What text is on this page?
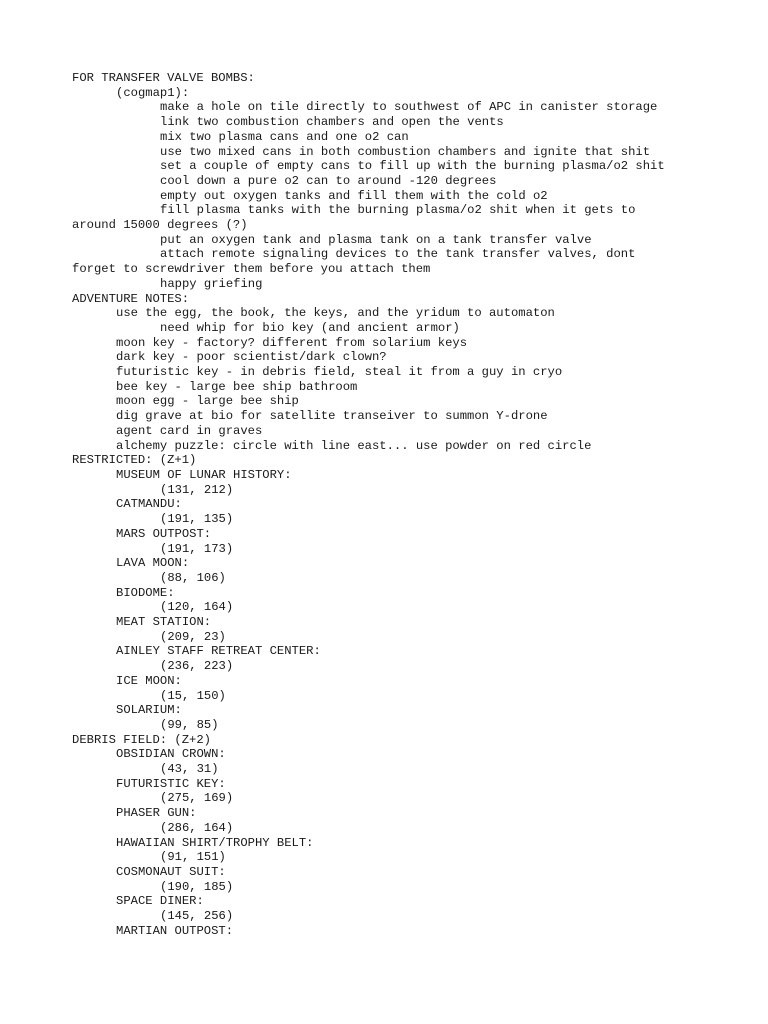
FOR TRANSFER VALVE BOMBS:
(cogmap1):
make a hole on tile directly to southwest of APC in canister storage
link two combustion chambers and open the vents
mix two plasma cans and one o2 can
use two mixed cans in both combustion chambers and ignite that shit
set a couple of empty cans to fill up with the burning plasma/o2 shit
cool down a pure o2 can to around -120 degrees
empty out oxygen tanks and fill them with the cold o2
fill plasma tanks with the burning plasma/o2 shit when it gets to
around 15000 degrees (?)
put an oxygen tank and plasma tank on a tank transfer valve
attach remote signaling devices to the tank transfer valves, dont
forget to screwdriver them before you attach them
happy griefing
ADVENTURE NOTES:
use the egg, the book, the keys, and the yridum to automaton
need whip for bio key (and ancient armor)
moon key - factory? different from solarium keys
dark key - poor scientist/dark clown?
futuristic key - in debris field, steal it from a guy in cryo
bee key - large bee ship bathroom
moon egg - large bee ship
dig grave at bio for satellite transeiver to summon Y-drone
agent card in graves
alchemy puzzle: circle with line east... use powder on red circle
RESTRICTED: (Z+1)
MUSEUM OF LUNAR HISTORY:
(131, 212)
CATMANDU:
(191, 135)
MARS OUTPOST:
(191, 173)
LAVA MOON:
(88, 106)
BIODOME:
(120, 164)
MEAT STATION:
(209, 23)
AINLEY STAFF RETREAT CENTER:
(236, 223)
ICE MOON:
(15, 150)
SOLARIUM:
(99, 85)
DEBRIS FIELD: (Z+2)
OBSIDIAN CROWN:
(43, 31)
FUTURISTIC KEY:
(275, 169)
PHASER GUN:
(286, 164)
HAWAIIAN SHIRT/TROPHY BELT:
(91, 151)
COSMONAUT SUIT:
(190, 185)
SPACE DINER:
(145, 256)
MARTIAN OUTPOST:
